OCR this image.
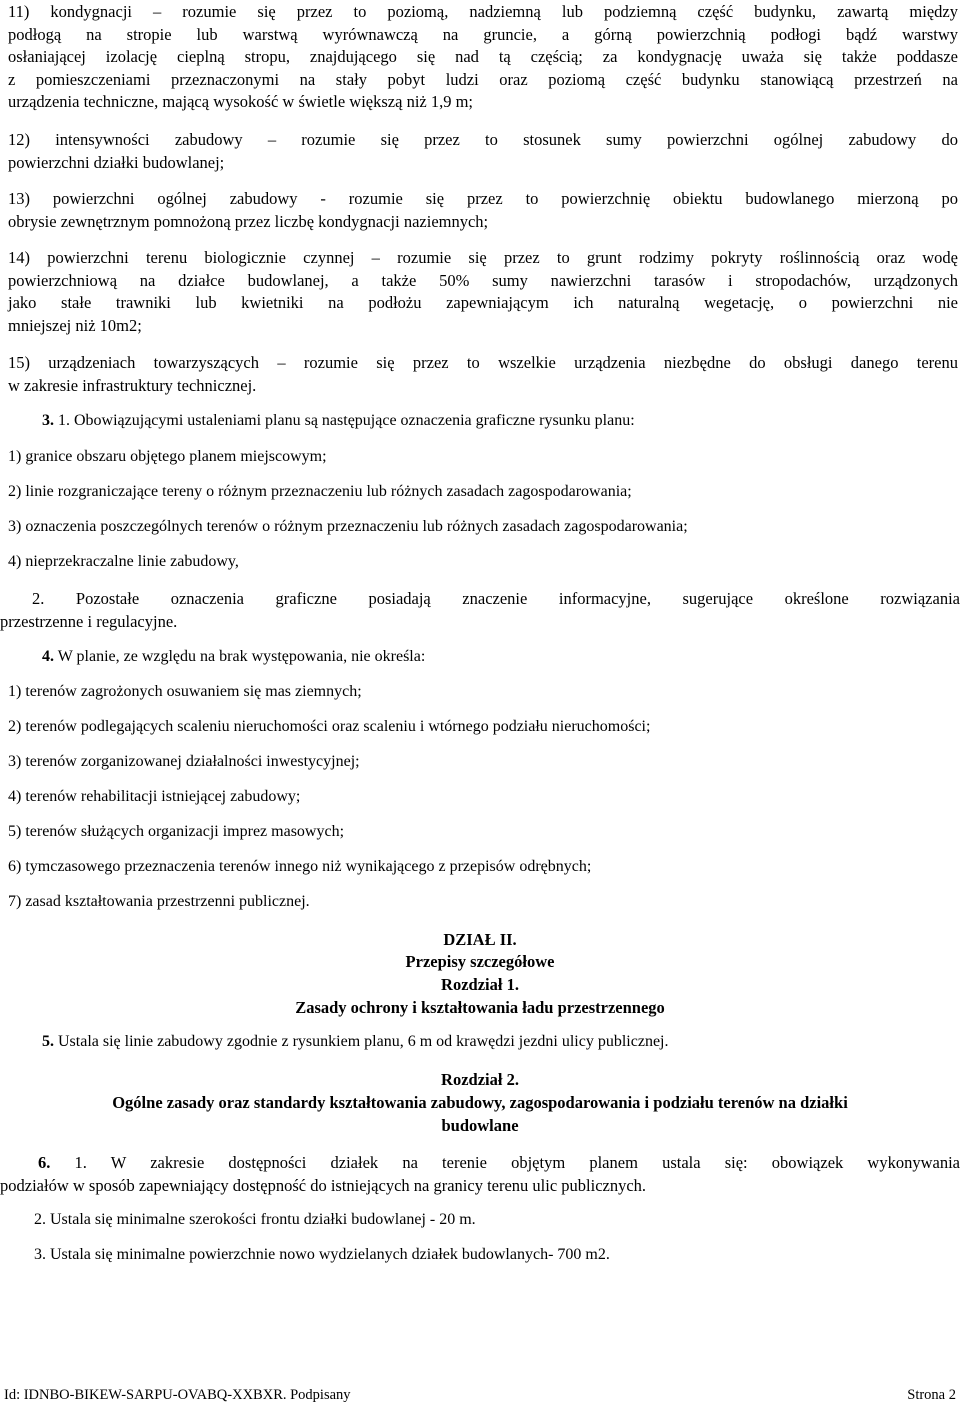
11) kondygnacji – rozumie się przez to poziomą, nadziemną lub podziemną część budynku, zawartą między

podłogą na stropie lub warstwą wyrównawczą na gruncie, a górną powierzchnią podłogi bądź warstwy

osłaniającej izolację cieplną stropu, znajdującego się nad tą częścią; za kondygnację uważa się także poddasze

z pomieszczeniami przeznaczonymi na stały pobyt ludzi oraz poziomą część budynku stanowiącą przestrzeń na

urządzenia techniczne, mającą wysokość w świetle większą niż 1,9 m;

12) intensywności zabudowy – rozumie się przez to stosunek sumy powierzchni ogólnej zabudowy do

powierzchni działki budowlanej;

13) powierzchni ogólnej zabudowy - rozumie się przez to powierzchnię obiektu budowlanego mierzoną po

obrysie zewnętrznym pomnożoną przez liczbę kondygnacji naziemnych;

14) powierzchni terenu biologicznie czynnej – rozumie się przez to grunt rodzimy pokryty roślinnością oraz wodę

powierzchniową na działce budowlanej, a także 50% sumy nawierzchni tarasów i stropodachów, urządzonych

jako stałe trawniki lub kwietniki na podłożu zapewniającym ich naturalną wegetację, o powierzchni nie

mniejszej niż 10m2;

15) urządzeniach towarzyszących – rozumie się przez to wszelkie urządzenia niezbędne do obsługi danego terenu

w zakresie infrastruktury technicznej.

3. 1. Obowiązującymi ustaleniami planu są następujące oznaczenia graficzne rysunku planu:
1) granice obszaru objętego planem miejscowym;
2) linie rozgraniczające tereny o różnym przeznaczeniu lub różnych zasadach zagospodarowania;
3) oznaczenia poszczególnych terenów o różnym przeznaczeniu lub różnych zasadach zagospodarowania;
4) nieprzekraczalne linie zabudowy,

2. Pozostałe oznaczenia graficzne posiadają znaczenie informacyjne, sugerujące określone rozwiązania

przestrzenne i regulacyjne.

4. W planie, ze względu na brak występowania, nie określa:
1) terenów zagrożonych osuwaniem się mas ziemnych;
2) terenów podlegających scaleniu nieruchomości oraz scaleniu i wtórnego podziału nieruchomości;
3) terenów zorganizowanej działalności inwestycyjnej;
4) terenów rehabilitacji istniejącej zabudowy;
5) terenów służących organizacji imprez masowych;
6) tymczasowego przeznaczenia terenów innego niż wynikającego z przepisów odrębnych;
7) zasad kształtowania przestrzenni publicznej.
DZIAŁ II.
Przepisy szczegółowe
Rozdział 1.
Zasady ochrony i kształtowania ładu przestrzennego
5. Ustala się linie zabudowy zgodnie z rysunkiem planu, 6 m od krawędzi jezdni ulicy publicznej.
Rozdział 2.
Ogólne zasady oraz standardy kształtowania zabudowy, zagospodarowania i podziału terenów na działki
budowlane

6. 1. W zakresie dostępności działek na terenie objętym planem ustala się: obowiązek wykonywania

podziałów w sposób zapewniający dostępność do istniejących na granicy terenu ulic publicznych.

2. Ustala się minimalne szerokości frontu działki budowlanej - 20 m.
3. Ustala się minimalne powierzchnie nowo wydzielanych działek budowlanych- 700 m2.
Id: IDNBO-BIKEW-SARPU-OVABQ-XXBXR. Podpisany	Strona 2
